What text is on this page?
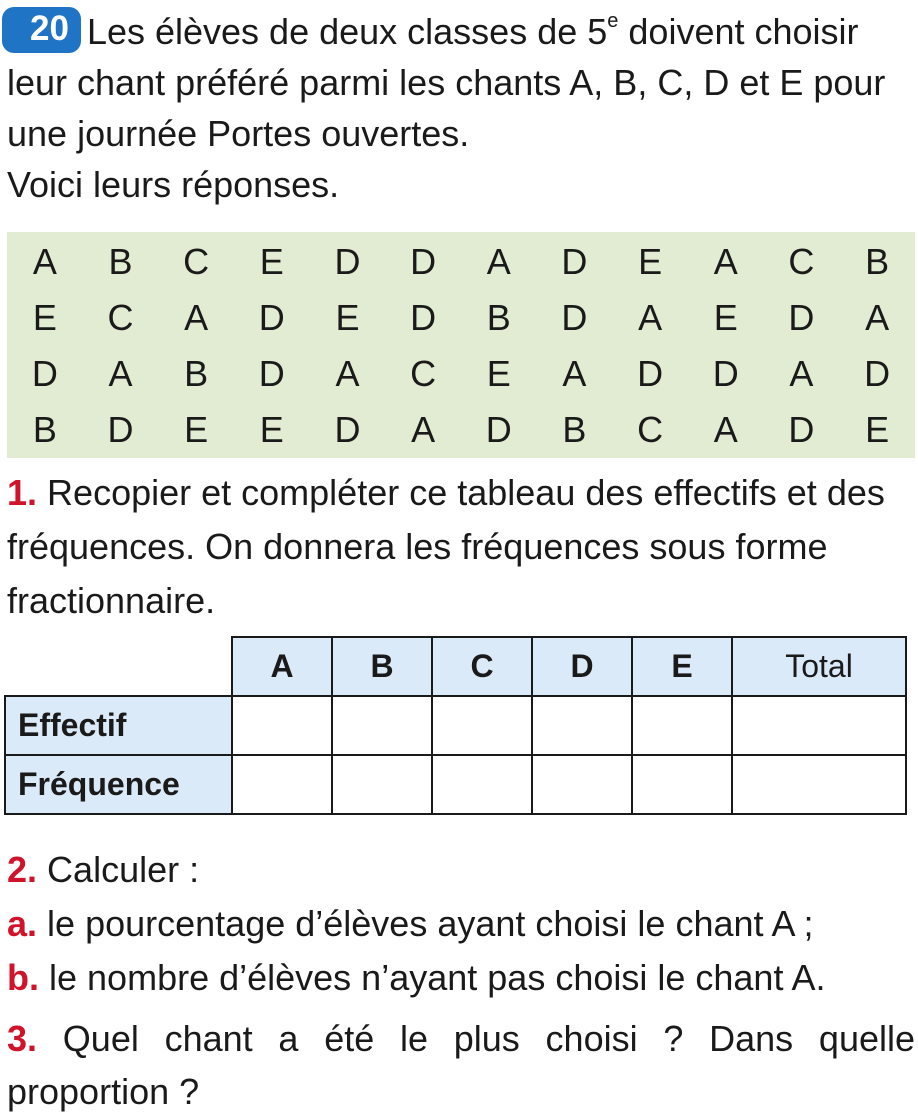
20 Les élèves de deux classes de 5e doivent choisir leur chant préféré parmi les chants A, B, C, D et E pour une journée Portes ouvertes.
Voici leurs réponses.
A	B	C	E	D	D	A	D	E	A	C	B
E	C	A	D	E	D	B	D	A	E	D	A
D	A	B	D	A	C	E	A	D	D	A	D
B	D	E	E	D	A	D	B	C	A	D	E
1. Recopier et compléter ce tableau des effectifs et des fréquences. On donnera les fréquences sous forme fractionnaire.
	A	B	C	D	E	Total
Effectif						
Fréquence						
2. Calculer :
a. le pourcentage d’élèves ayant choisi le chant A ;
b. le nombre d’élèves n’ayant pas choisi le chant A.
3. Quel chant a été le plus choisi ? Dans quelle proportion ?
